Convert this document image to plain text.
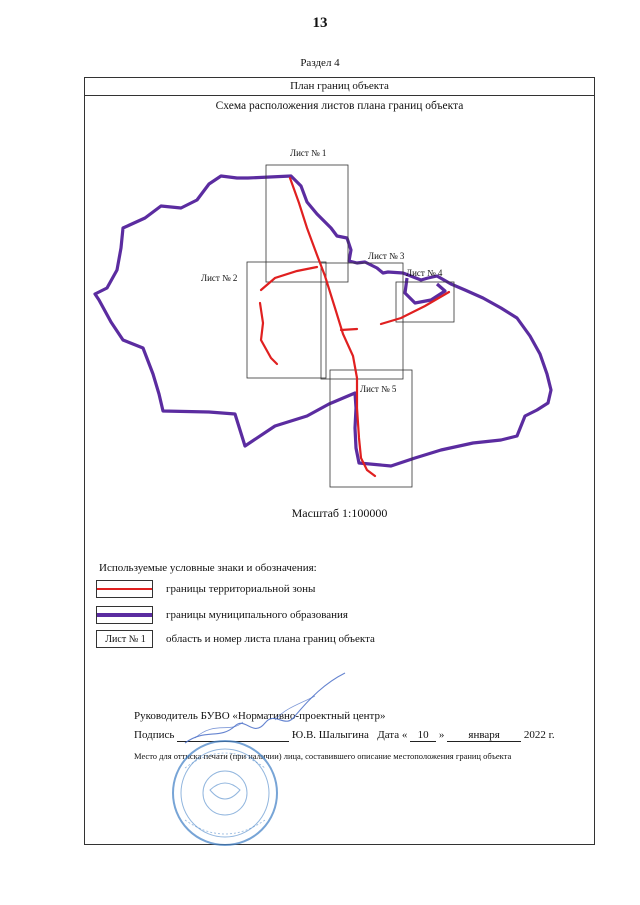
13
Раздел 4
План границ объекта
Схема расположения листов плана границ объекта
Лист № 1
Лист № 2
Лист № 3
Лист № 4
Лист № 5
Масштаб 1:100000
Используемые условные знаки и обозначения:
границы территориальной зоны
границы муниципального образования
Лист № 1	область и номер листа плана границ объекта
Руководитель БУВО «Нормативно-проектный центр»
Подпись	Ю.В. Шалыгина Дата « 10 » января 2022 г.
Место для оттиска печати (при наличии) лица, составившего описание местоположения границ объекта
